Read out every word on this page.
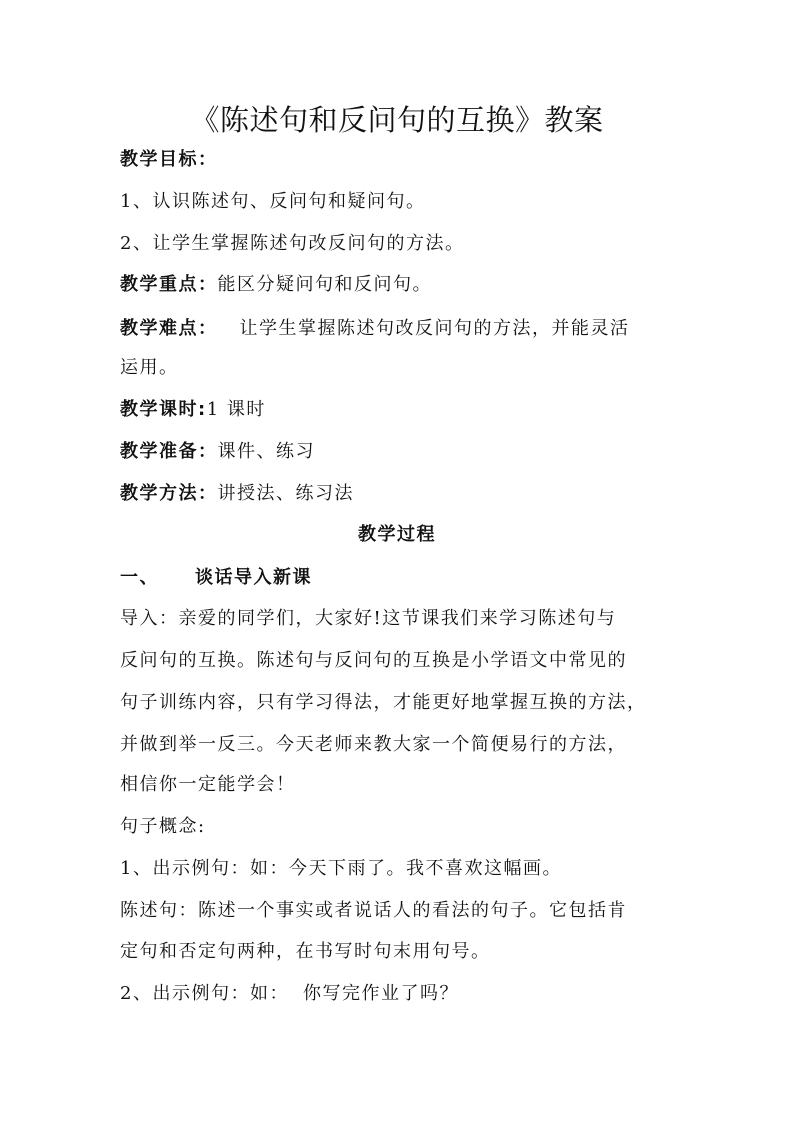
《陈述句和反问句的互换》教案
教学目标：
1、认识陈述句、反问句和疑问句。
2、让学生掌握陈述句改反问句的方法。
教学重点：能区分疑问句和反问句。
教学难点： 让学生掌握陈述句改反问句的方法，并能灵活
运用。
教学课时:1 课时
教学准备：课件、练习
教学方法：讲授法、练习法
教学过程
一、 谈话导入新课
导入：亲爱的同学们，大家好!这节课我们来学习陈述句与
反问句的互换。陈述句与反问句的互换是小学语文中常见的
句子训练内容，只有学习得法，才能更好地掌握互换的方法，
并做到举一反三。今天老师来教大家一个简便易行的方法，
相信你一定能学会！
句子概念:
1、出示例句：如：今天下雨了。我不喜欢这幅画。
陈述句：陈述一个事实或者说话人的看法的句子。它包括肯
定句和否定句两种，在书写时句末用句号。
2、出示例句：如： 你写完作业了吗？
